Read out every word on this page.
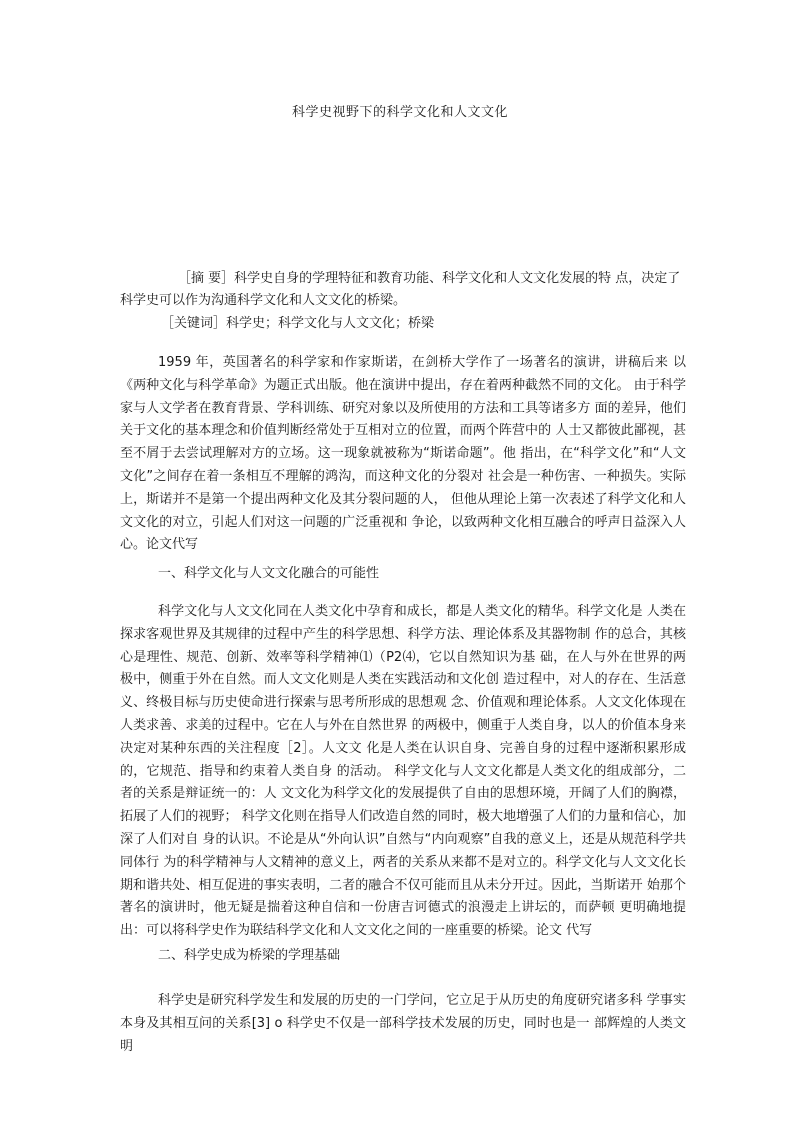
科学史视野下的科学文化和人文文化
［摘 要］科学史自身的学理特征和教育功能、科学文化和人文文化发展的特 点，决定了科学史可以作为沟通科学文化和人文文化的桥梁。
［关键词］科学史；科学文化与人文文化；桥梁
1959 年，英国著名的科学家和作家斯诺，在剑桥大学作了一场著名的演讲，讲稿后来 以《两种文化与科学革命》为题正式出版。他在演讲中提出，存在着两种截然不同的文化。 由于科学家与人文学者在教育背景、学科训练、研究对象以及所使用的方法和工具等诸多方 面的差异，他们关于文化的基本理念和价值判断经常处于互相对立的位置，而两个阵营中的 人士又都彼此鄙视，甚至不屑于去尝试理解对方的立场。这一现象就被称为“斯诺命题”。他 指出，在“科学文化”和“人文文化”之间存在着一条相互不理解的鸿沟，而这种文化的分裂对 社会是一种伤害、一种损失。实际上，斯诺并不是第一个提出两种文化及其分裂问题的人， 但他从理论上第一次表述了科学文化和人文文化的对立，引起人们对这一问题的广泛重视和 争论，以致两种文化相互融合的呼声日益深入人心。论文代写
一、科学文化与人文文化融合的可能性
科学文化与人文文化同在人类文化中孕育和成长，都是人类文化的精华。科学文化是 人类在探求客观世界及其规律的过程中产生的科学思想、科学方法、理论体系及其器物制 作的总合，其核心是理性、规范、创新、效率等科学精神⑴（P2⑷，它以自然知识为基 础，在人与外在世界的两极中，侧重于外在自然。而人文文化则是人类在实践活动和文化创 造过程中，对人的存在、生活意义、终极目标与历史使命进行探索与思考所形成的思想观 念、价值观和理论体系。人文文化体现在人类求善、求美的过程中。它在人与外在自然世界 的两极中，侧重于人类自身，以人的价值本身来决定对某种东西的关注程度［2］。人文文 化是人类在认识自身、完善自身的过程中逐渐积累形成的，它规范、指导和约束着人类自身 的活动。 科学文化与人文文化都是人类文化的组成部分，二者的关系是辩证统一的：人 文文化为科学文化的发展提供了自由的思想环境，开阔了人们的胸襟，拓展了人们的视野； 科学文化则在指导人们改造自然的同时，极大地增强了人们的力量和信心，加深了人们对自 身的认识。不论是从“外向认识”自然与“内向观察”自我的意义上，还是从规范科学共同体行 为的科学精神与人文精神的意义上，两者的关系从来都不是对立的。科学文化与人文文化长 期和谐共处、相互促进的事实表明，二者的融合不仅可能而且从未分开过。因此，当斯诺开 始那个著名的演讲时，他无疑是揣着这种自信和一份唐吉诃德式的浪漫走上讲坛的，而萨顿 更明确地提出：可以将科学史作为联结科学文化和人文文化之间的一座重要的桥梁。论文 代写
二、科学史成为桥梁的学理基础
科学史是研究科学发生和发展的历史的一门学问，它立足于从历史的角度研究诸多科 学事实本身及其相互问的关系[3] o 科学史不仅是一部科学技术发展的历史，同时也是一 部辉煌的人类文明
